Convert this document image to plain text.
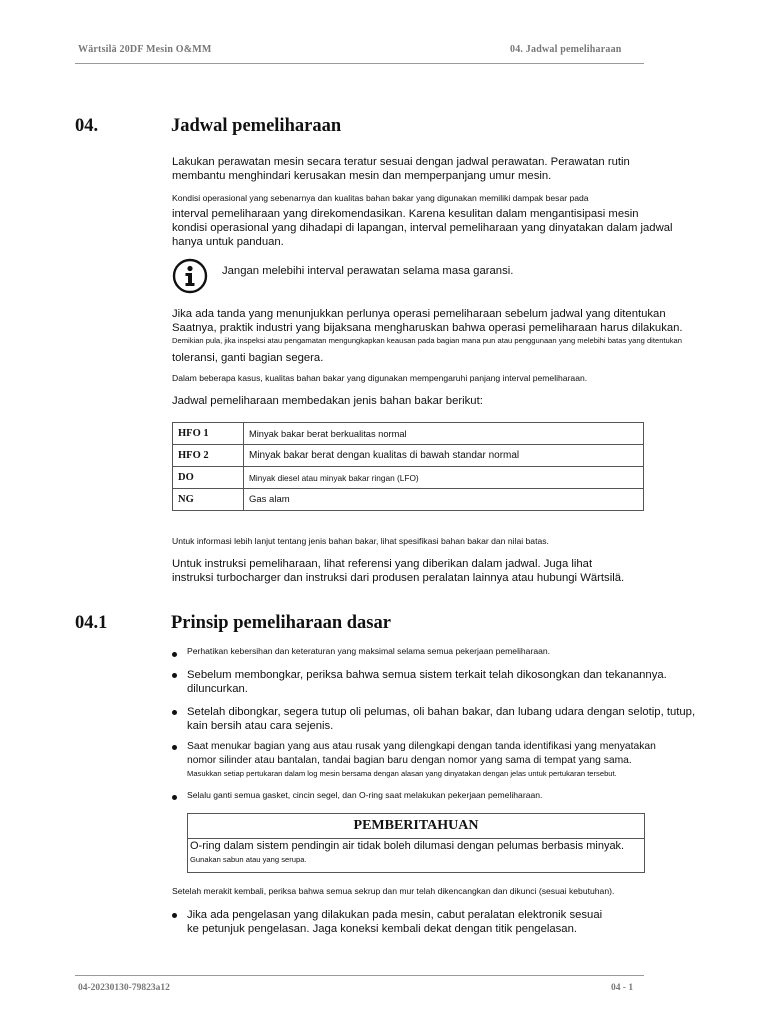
Wärtsilä 20DF Mesin O&MM	04. Jadwal pemeliharaan
04.	Jadwal pemeliharaan
Lakukan perawatan mesin secara teratur sesuai dengan jadwal perawatan. Perawatan rutin
membantu menghindari kerusakan mesin dan memperpanjang umur mesin.
Kondisi operasional yang sebenarnya dan kualitas bahan bakar yang digunakan memiliki dampak besar pada
interval pemeliharaan yang direkomendasikan. Karena kesulitan dalam mengantisipasi mesin
kondisi operasional yang dihadapi di lapangan, interval pemeliharaan yang dinyatakan dalam jadwal
hanya untuk panduan.
Jangan melebihi interval perawatan selama masa garansi.
Jika ada tanda yang menunjukkan perlunya operasi pemeliharaan sebelum jadwal yang ditentukan
Saatnya, praktik industri yang bijaksana mengharuskan bahwa operasi pemeliharaan harus dilakukan.
Demikian pula, jika inspeksi atau pengamatan mengungkapkan keausan pada bagian mana pun atau penggunaan yang melebihi batas yang ditentukan
toleransi, ganti bagian segera.
Dalam beberapa kasus, kualitas bahan bakar yang digunakan mempengaruhi panjang interval pemeliharaan.
Jadwal pemeliharaan membedakan jenis bahan bakar berikut:
HFO 1	Minyak bakar berat berkualitas normal
HFO 2	Minyak bakar berat dengan kualitas di bawah standar normal
DO	Minyak diesel atau minyak bakar ringan (LFO)
NG	Gas alam
Untuk informasi lebih lanjut tentang jenis bahan bakar, lihat spesifikasi bahan bakar dan nilai batas.
Untuk instruksi pemeliharaan, lihat referensi yang diberikan dalam jadwal. Juga lihat
instruksi turbocharger dan instruksi dari produsen peralatan lainnya atau hubungi Wärtsilä.
04.1	Prinsip pemeliharaan dasar
Perhatikan kebersihan dan keteraturan yang maksimal selama semua pekerjaan pemeliharaan.
Sebelum membongkar, periksa bahwa semua sistem terkait telah dikosongkan dan tekanannya.
diluncurkan.
Setelah dibongkar, segera tutup oli pelumas, oli bahan bakar, dan lubang udara dengan selotip, tutup,
kain bersih atau cara sejenis.
Saat menukar bagian yang aus atau rusak yang dilengkapi dengan tanda identifikasi yang menyatakan
nomor silinder atau bantalan, tandai bagian baru dengan nomor yang sama di tempat yang sama.
Masukkan setiap pertukaran dalam log mesin bersama dengan alasan yang dinyatakan dengan jelas untuk pertukaran tersebut.
Selalu ganti semua gasket, cincin segel, dan O-ring saat melakukan pekerjaan pemeliharaan.
PEMBERITAHUAN
O-ring dalam sistem pendingin air tidak boleh dilumasi dengan pelumas berbasis minyak.
Gunakan sabun atau yang serupa.
Setelah merakit kembali, periksa bahwa semua sekrup dan mur telah dikencangkan dan dikunci (sesuai kebutuhan).
Jika ada pengelasan yang dilakukan pada mesin, cabut peralatan elektronik sesuai
ke petunjuk pengelasan. Jaga koneksi kembali dekat dengan titik pengelasan.
04-20230130-79823a12	04 - 1
